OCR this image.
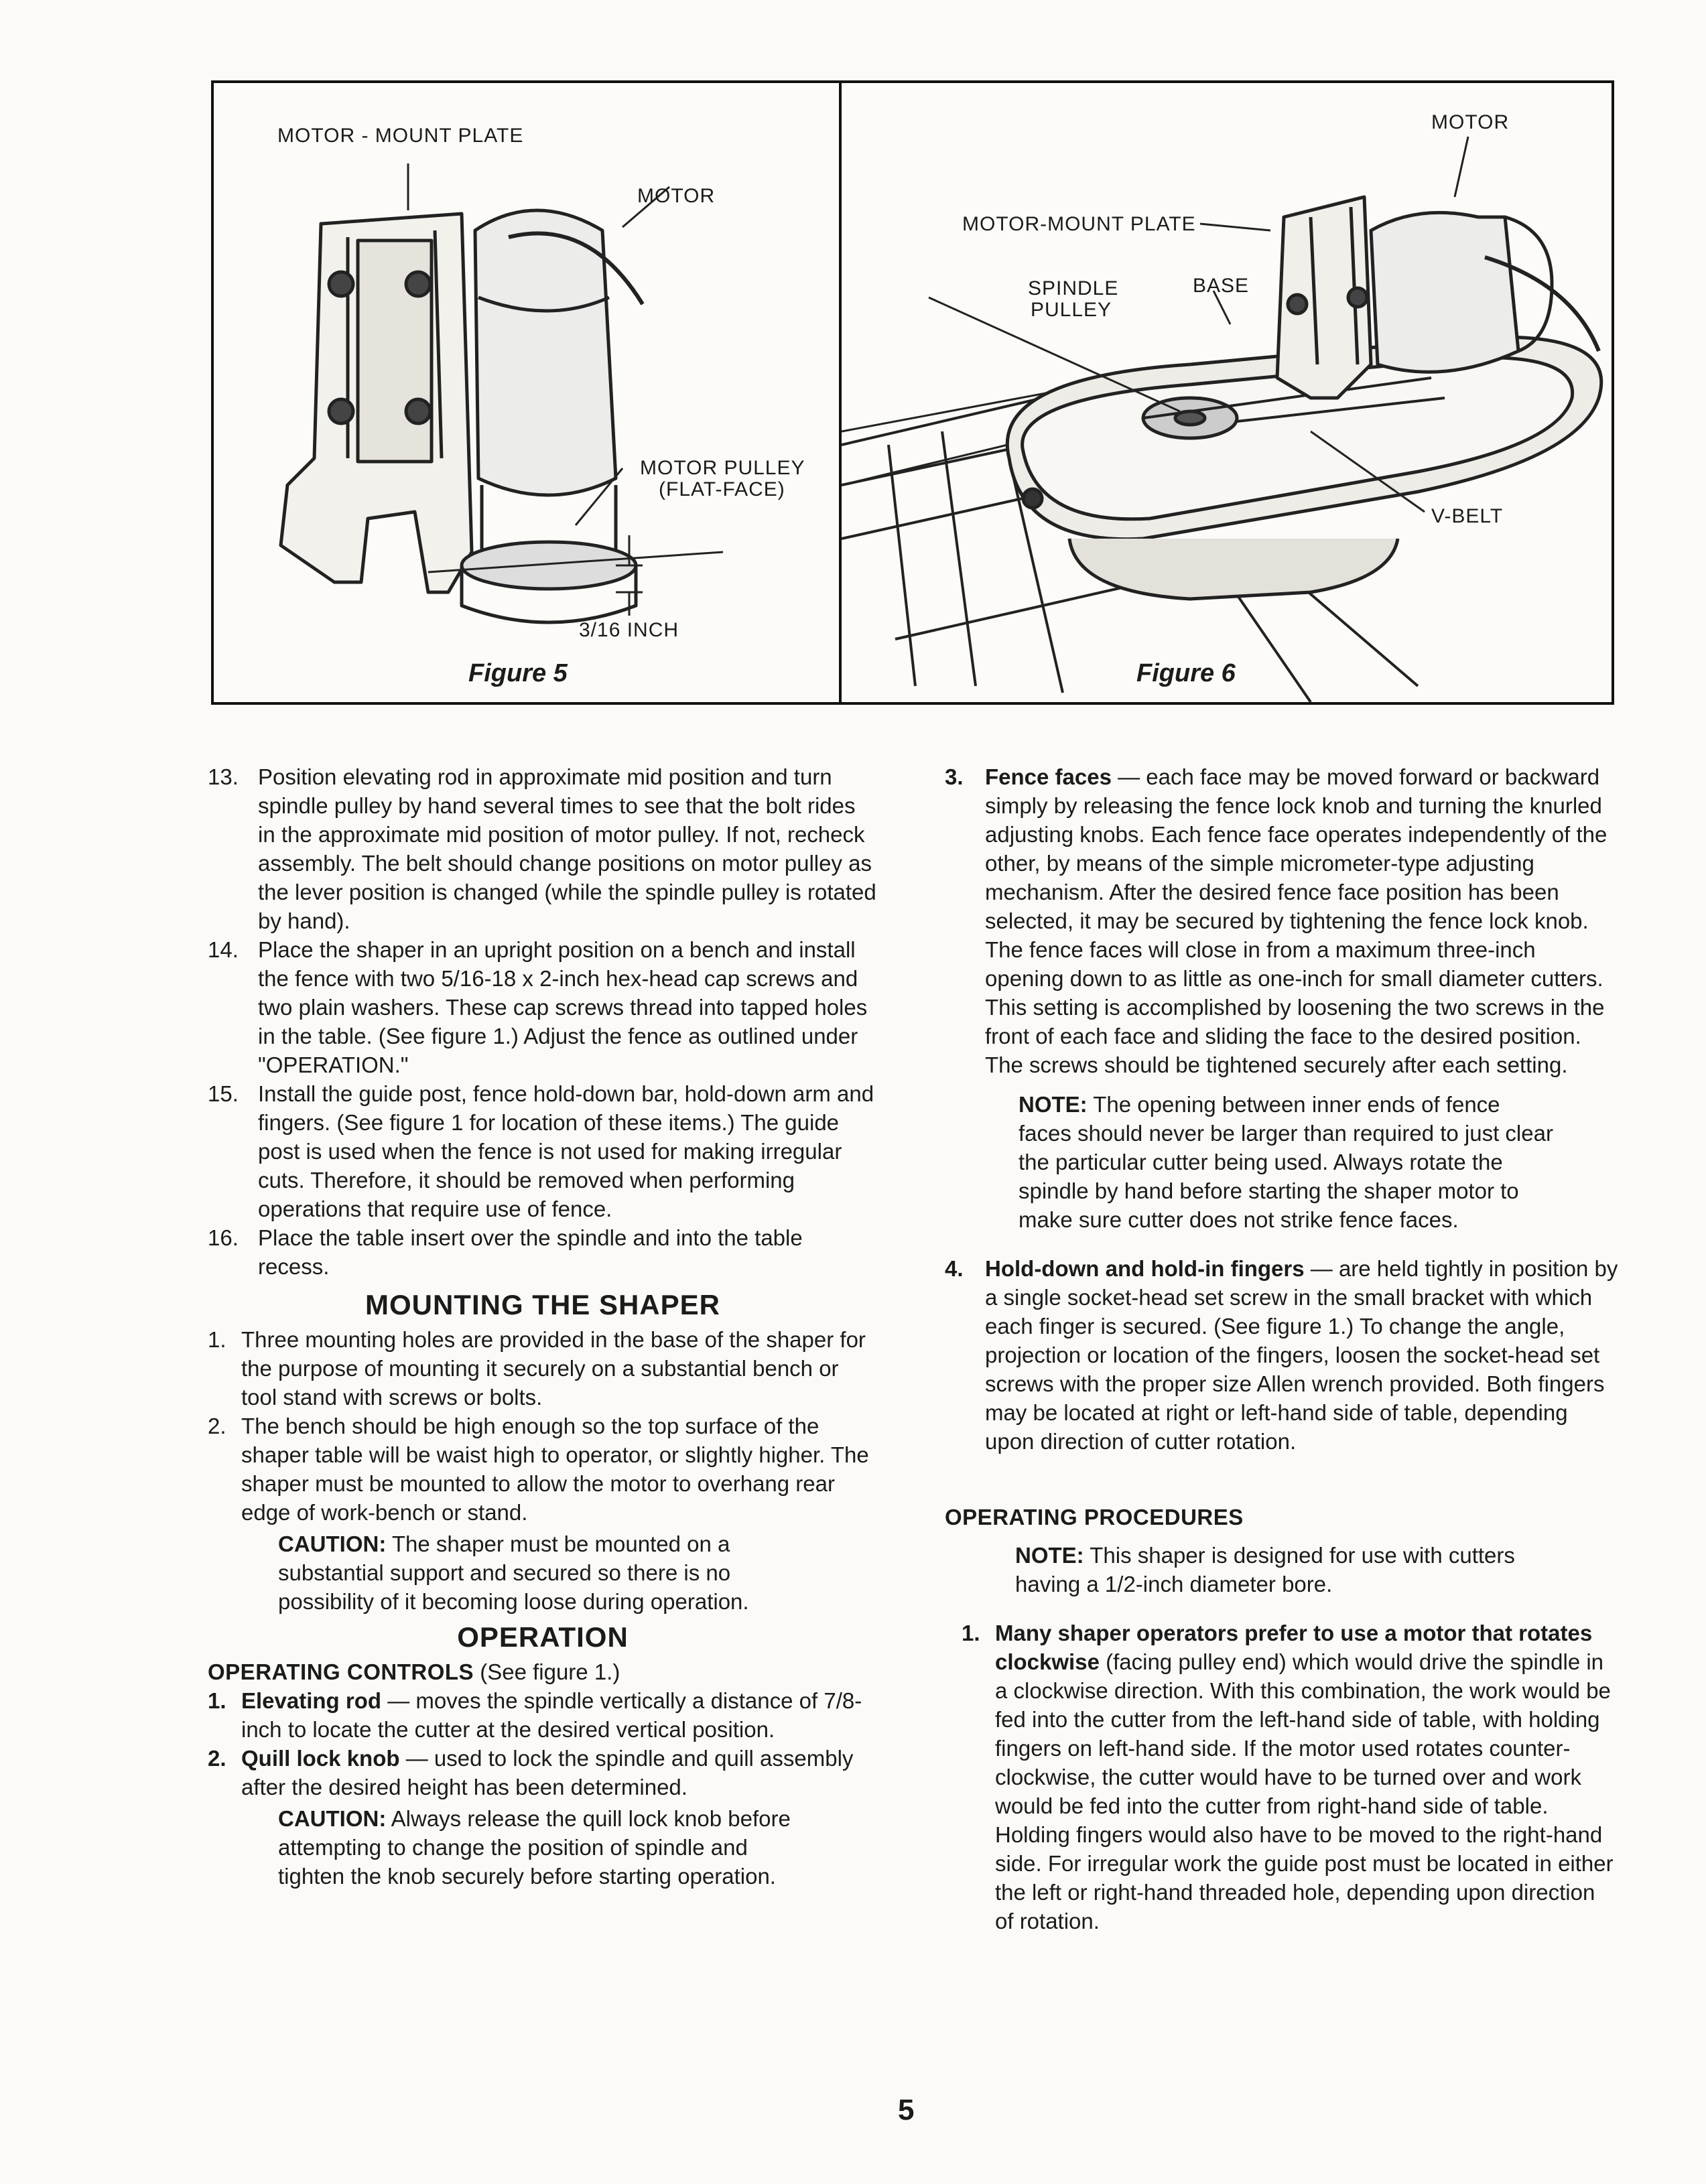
MOTOR - MOUNT PLATE
MOTOR
MOTOR PULLEY
(FLAT-FACE)
3/16 INCH
Figure 5
MOTOR
MOTOR-MOUNT PLATE
SPINDLE
PULLEY
BASE
V-BELT
Figure 6
13. Position elevating rod in approximate mid position and turn spindle pulley by hand several times to see that the bolt rides in the approximate mid position of motor pulley. If not, recheck assembly. The belt should change positions on motor pulley as the lever position is changed (while the spindle pulley is rotated by hand).

14. Place the shaper in an upright position on a bench and install the fence with two 5/16-18 x 2-inch hex-head cap screws and two plain washers. These cap screws thread into tapped holes in the table. (See figure 1.) Adjust the fence as outlined under "OPERATION."

15. Install the guide post, fence hold-down bar, hold-down arm and fingers. (See figure 1 for location of these items.) The guide post is used when the fence is not used for making irregular cuts. Therefore, it should be removed when performing operations that require use of fence.

16. Place the table insert over the spindle and into the table recess.

MOUNTING THE SHAPER
1. Three mounting holes are provided in the base of the shaper for the purpose of mounting it securely on a substantial bench or tool stand with screws or bolts.

2. The bench should be high enough so the top surface of the shaper table will be waist high to operator, or slightly higher. The shaper must be mounted to allow the motor to overhang rear edge of work-bench or stand.

CAUTION: The shaper must be mounted on a substantial support and secured so there is no possibility of it becoming loose during operation.

OPERATION

OPERATING CONTROLS (See figure 1.)

1. Elevating rod — moves the spindle vertically a distance of 7/8-inch to locate the cutter at the desired vertical position.

2. Quill lock knob — used to lock the spindle and quill assembly after the desired height has been determined.

CAUTION: Always release the quill lock knob before attempting to change the position of spindle and tighten the knob securely before starting operation.

3. Fence faces — each face may be moved forward or backward simply by releasing the fence lock knob and turning the knurled adjusting knobs. Each fence face operates independently of the other, by means of the simple micrometer-type adjusting mechanism. After the desired fence face position has been selected, it may be secured by tightening the fence lock knob. The fence faces will close in from a maximum three-inch opening down to as little as one-inch for small diameter cutters. This setting is accomplished by loosening the two screws in the front of each face and sliding the face to the desired position. The screws should be tightened securely after each setting.

NOTE: The opening between inner ends of fence faces should never be larger than required to just clear the particular cutter being used. Always rotate the spindle by hand before starting the shaper motor to make sure cutter does not strike fence faces.

4. Hold-down and hold-in fingers — are held tightly in position by a single socket-head set screw in the small bracket with which each finger is secured. (See figure 1.) To change the angle, projection or location of the fingers, loosen the socket-head set screws with the proper size Allen wrench provided. Both fingers may be located at right or left-hand side of table, depending upon direction of cutter rotation.

OPERATING PROCEDURES

NOTE: This shaper is designed for use with cutters having a 1/2-inch diameter bore.

1. Many shaper operators prefer to use a motor that rotates clockwise (facing pulley end) which would drive the spindle in a clockwise direction. With this combination, the work would be fed into the cutter from the left-hand side of table, with holding fingers on left-hand side. If the motor used rotates counter-clockwise, the cutter would have to be turned over and work would be fed into the cutter from right-hand side of table. Holding fingers would also have to be moved to the right-hand side. For irregular work the guide post must be located in either the left or right-hand threaded hole, depending upon direction of rotation.

5
